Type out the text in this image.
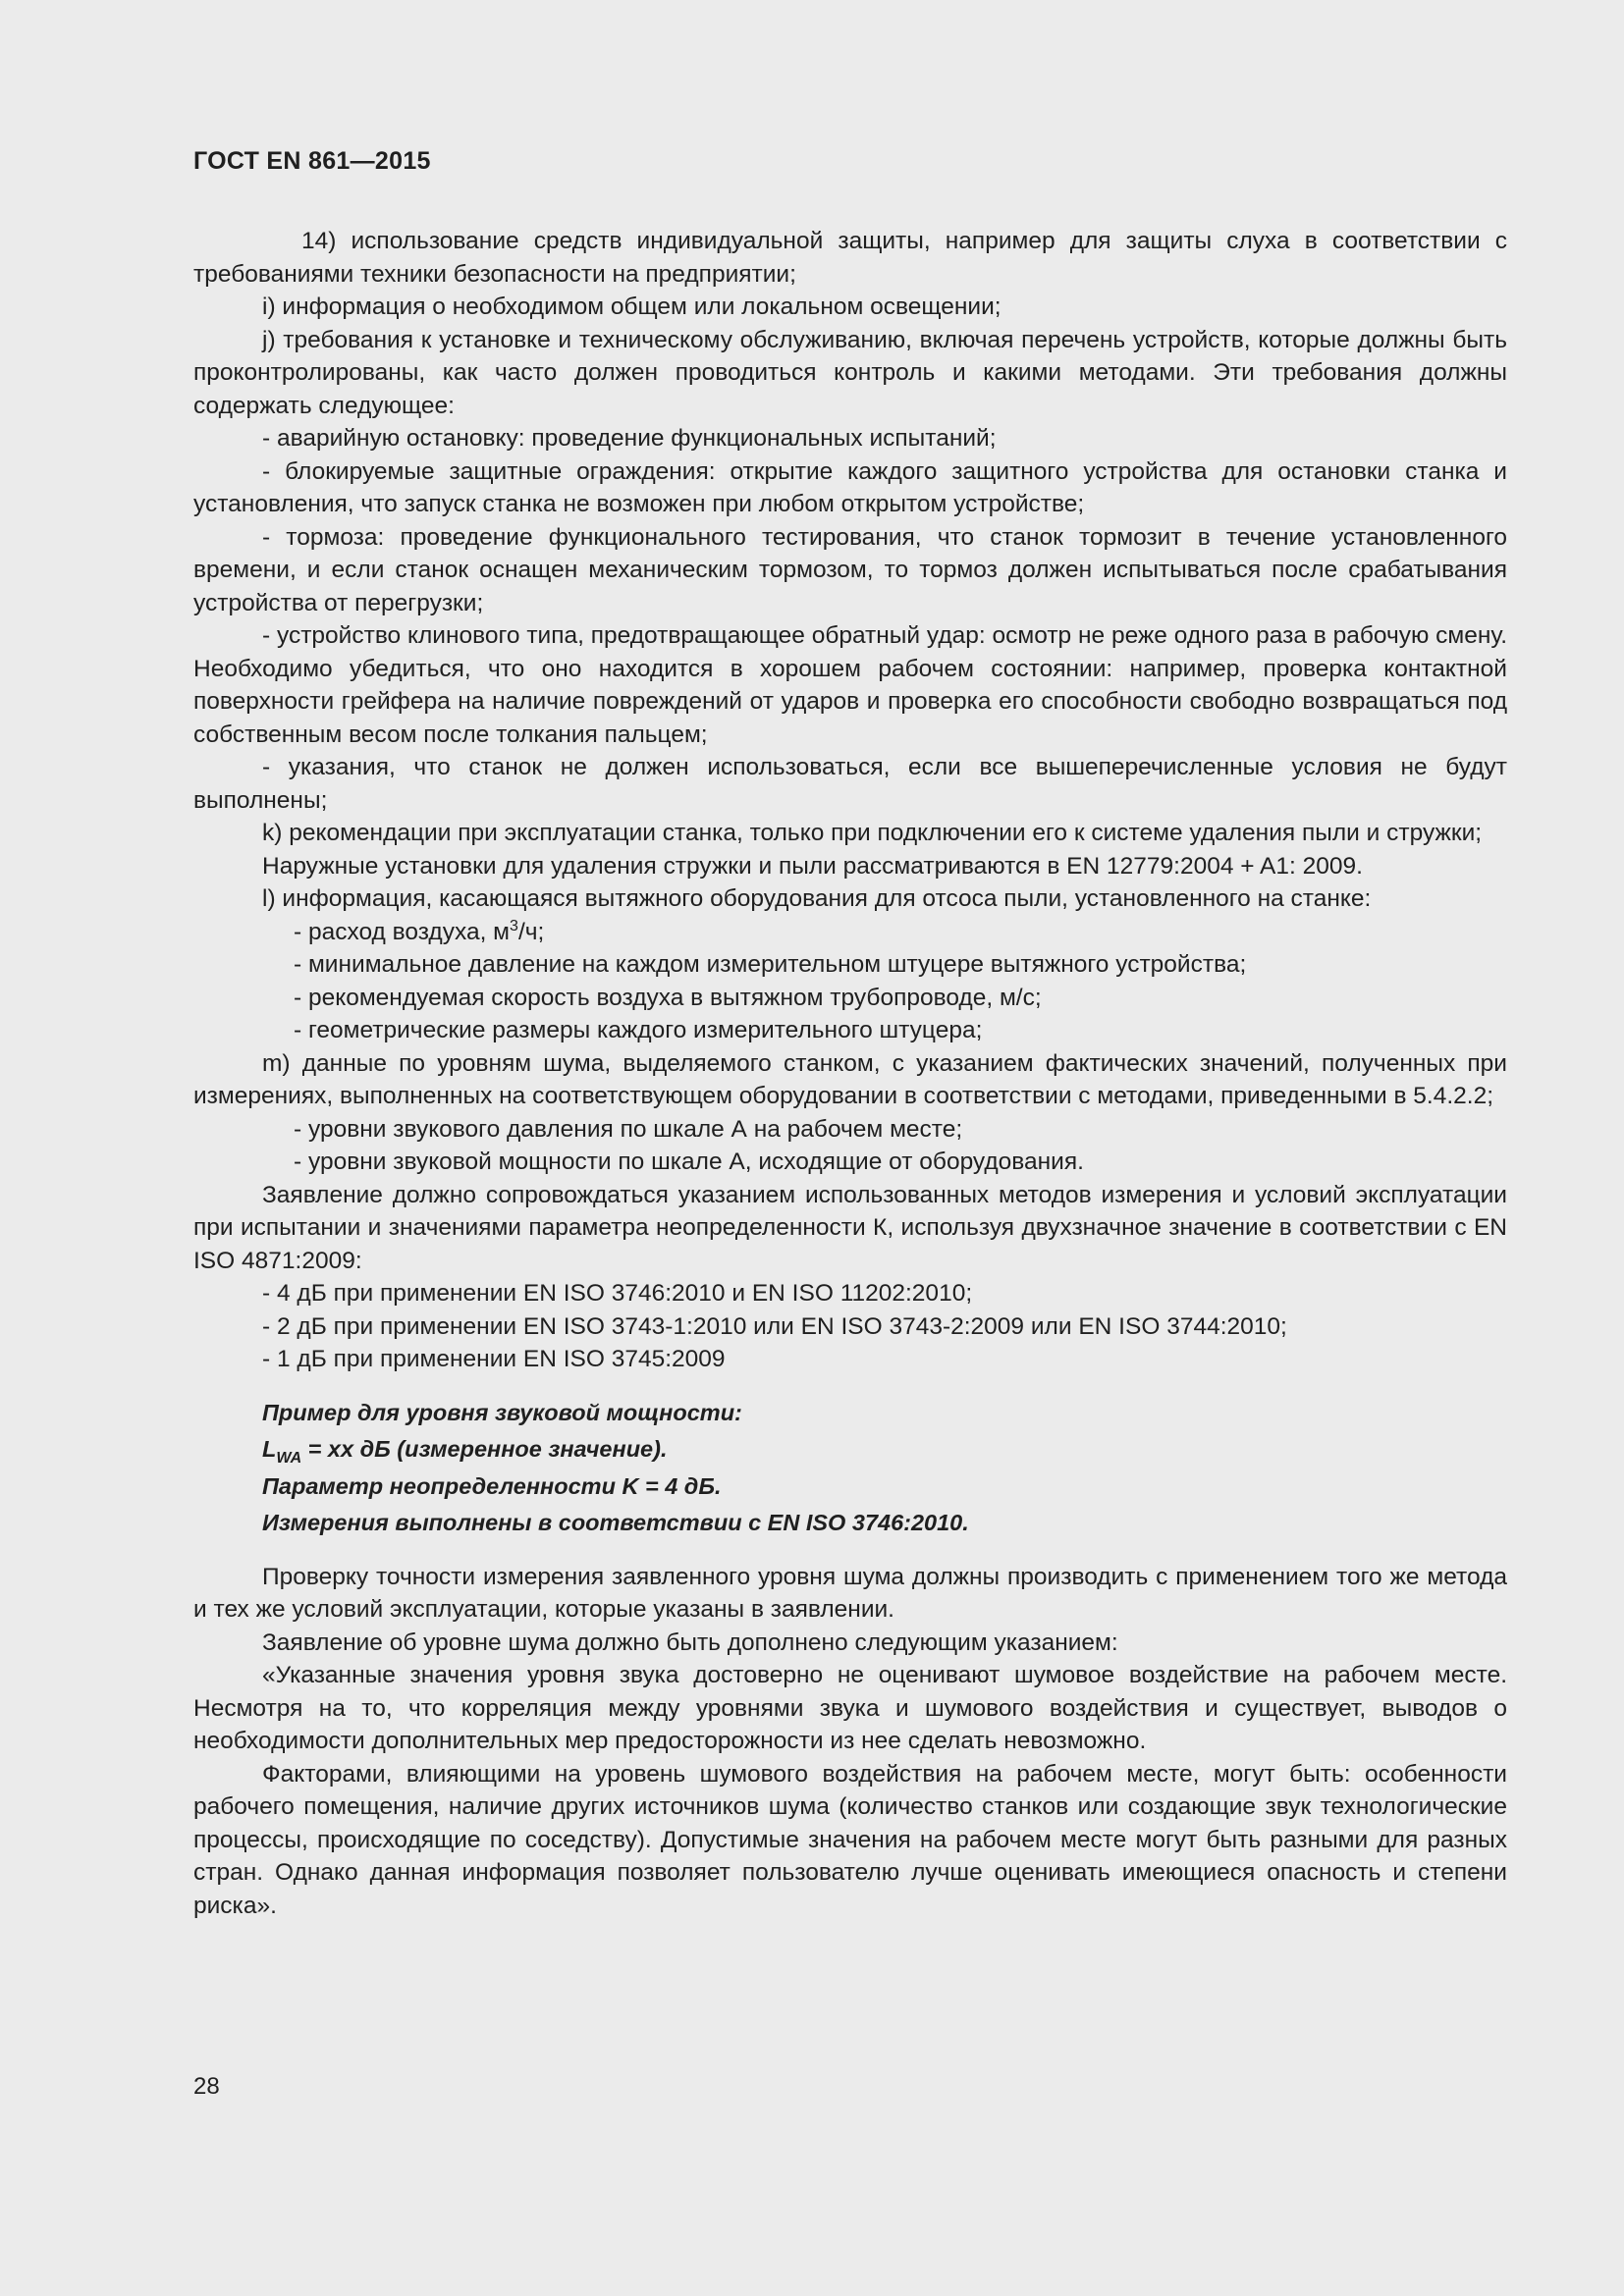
ГОСТ EN 861—2015

14) использование средств индивидуальной защиты, например для защиты слуха в соответствии с требованиями техники безопасности на предприятии;

i) информация о необходимом общем или локальном освещении;

j) требования к установке и техническому обслуживанию, включая перечень устройств, которые должны быть проконтролированы, как часто должен проводиться контроль и какими методами. Эти требования должны содержать следующее:

- аварийную остановку: проведение функциональных испытаний;

- блокируемые защитные ограждения: открытие каждого защитного устройства для остановки станка и установления, что запуск станка не возможен при любом открытом устройстве;

- тормоза: проведение функционального тестирования, что станок тормозит в течение установленного времени, и если станок оснащен механическим тормозом, то тормоз должен испытываться после срабатывания устройства от перегрузки;

- устройство клинового типа, предотвращающее обратный удар: осмотр не реже одного раза в рабочую смену. Необходимо убедиться, что оно находится в хорошем рабочем состоянии: например, проверка контактной поверхности грейфера на наличие повреждений от ударов и проверка его способности свободно возвращаться под собственным весом после толкания пальцем;

- указания, что станок не должен использоваться, если все вышеперечисленные условия не будут выполнены;

k) рекомендации при эксплуатации станка, только при подключении его к системе удаления пыли и стружки;

Наружные установки для удаления стружки и пыли рассматриваются в EN 12779:2004 + A1: 2009.

l) информация, касающаяся вытяжного оборудования для отсоса пыли, установленного на станке:

- расход воздуха, $м^3/ч$;

- минимальное давление на каждом измерительном штуцере вытяжного устройства;

- рекомендуемая скорость воздуха в вытяжном трубопроводе, м/с;

- геометрические размеры каждого измерительного штуцера;

m) данные по уровням шума, выделяемого станком, с указанием фактических значений, полученных при измерениях, выполненных на соответствующем оборудовании в соответствии с методами, приведенными в 5.4.2.2;

- уровни звукового давления по шкале А на рабочем месте;

- уровни звуковой мощности по шкале А, исходящие от оборудования.

Заявление должно сопровождаться указанием использованных методов измерения и условий эксплуатации при испытании и значениями параметра неопределенности К, используя двухзначное значение в соответствии с EN ISO 4871:2009:

- 4 дБ при применении EN ISO 3746:2010 и EN ISO 11202:2010;

- 2 дБ при применении EN ISO 3743-1:2010 или EN ISO 3743-2:2009 или EN ISO 3744:2010;

- 1 дБ при применении EN ISO 3745:2009

Пример для уровня звуковой мощности:

$L_{WA}$ = хх дБ (измеренное значение).

Параметр неопределенности K = 4 дБ.

Измерения выполнены в соответствии с EN ISO 3746:2010.

Проверку точности измерения заявленного уровня шума должны производить с применением того же метода и тех же условий эксплуатации, которые указаны в заявлении.

Заявление об уровне шума должно быть дополнено следующим указанием:

«Указанные значения уровня звука достоверно не оценивают шумовое воздействие на рабочем месте. Несмотря на то, что корреляция между уровнями звука и шумового воздействия и существует, выводов о необходимости дополнительных мер предосторожности из нее сделать невозможно.

Факторами, влияющими на уровень шумового воздействия на рабочем месте, могут быть: особенности рабочего помещения, наличие других источников шума (количество станков или создающие звук технологические процессы, происходящие по соседству). Допустимые значения на рабочем месте могут быть разными для разных стран. Однако данная информация позволяет пользователю лучше оценивать имеющиеся опасность и степени риска».

28
